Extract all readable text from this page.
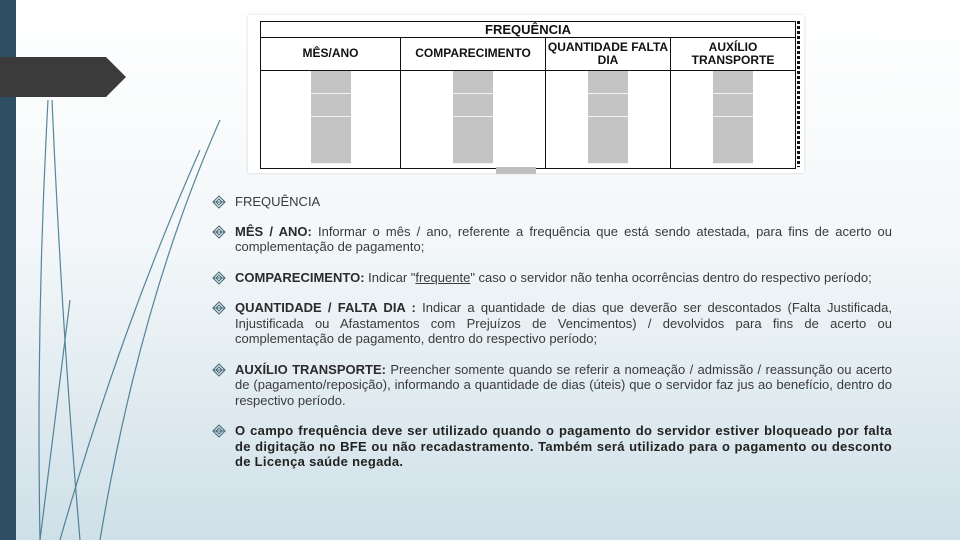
FREQUÊNCIA			
MÊS/ANO	COMPARECIMENTO	QUANTIDADE FALTA DIA	AUXÍLIO TRANSPORTE

FREQUÊNCIA
MÊS / ANO: Informar o mês / ano, referente a frequência que está sendo atestada, para fins de acerto ou complementação de pagamento;
COMPARECIMENTO: Indicar "frequente" caso o servidor não tenha ocorrências dentro do respectivo período;
QUANTIDADE / FALTA DIA : Indicar a quantidade de dias que deverão ser descontados (Falta Justificada, Injustificada ou Afastamentos com Prejuízos de Vencimentos) / devolvidos para fins de acerto ou complementação de pagamento, dentro do respectivo período;
AUXÍLIO TRANSPORTE: Preencher somente quando se referir a nomeação / admissão / reassunção ou acerto de (pagamento/reposição), informando a quantidade de dias (úteis) que o servidor faz jus ao benefício, dentro do respectivo período.
O campo frequência deve ser utilizado quando o pagamento do servidor estiver bloqueado por falta de digitação no BFE ou não recadastramento. Também será utilizado para o pagamento ou desconto de Licença saúde negada.
